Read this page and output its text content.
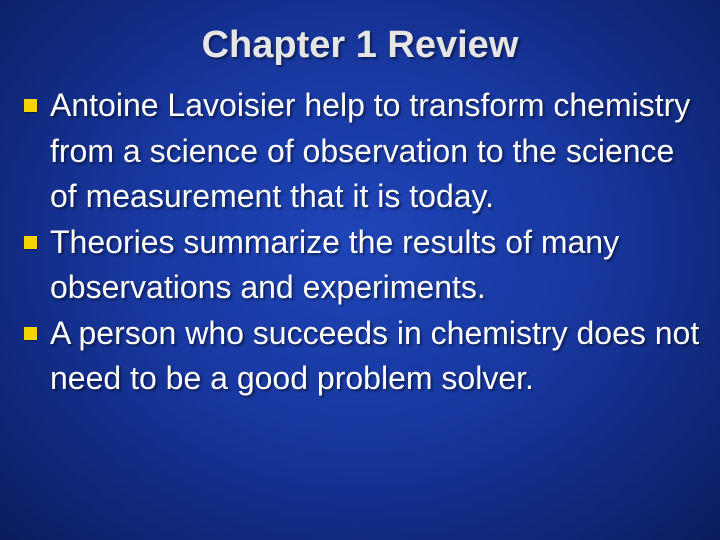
Chapter 1 Review
Antoine Lavoisier help to transform chemistry from a science of observation to the science of measurement that it is today.
Theories summarize the results of many observations and experiments.
A person who succeeds in chemistry does not need to be a good problem solver.
